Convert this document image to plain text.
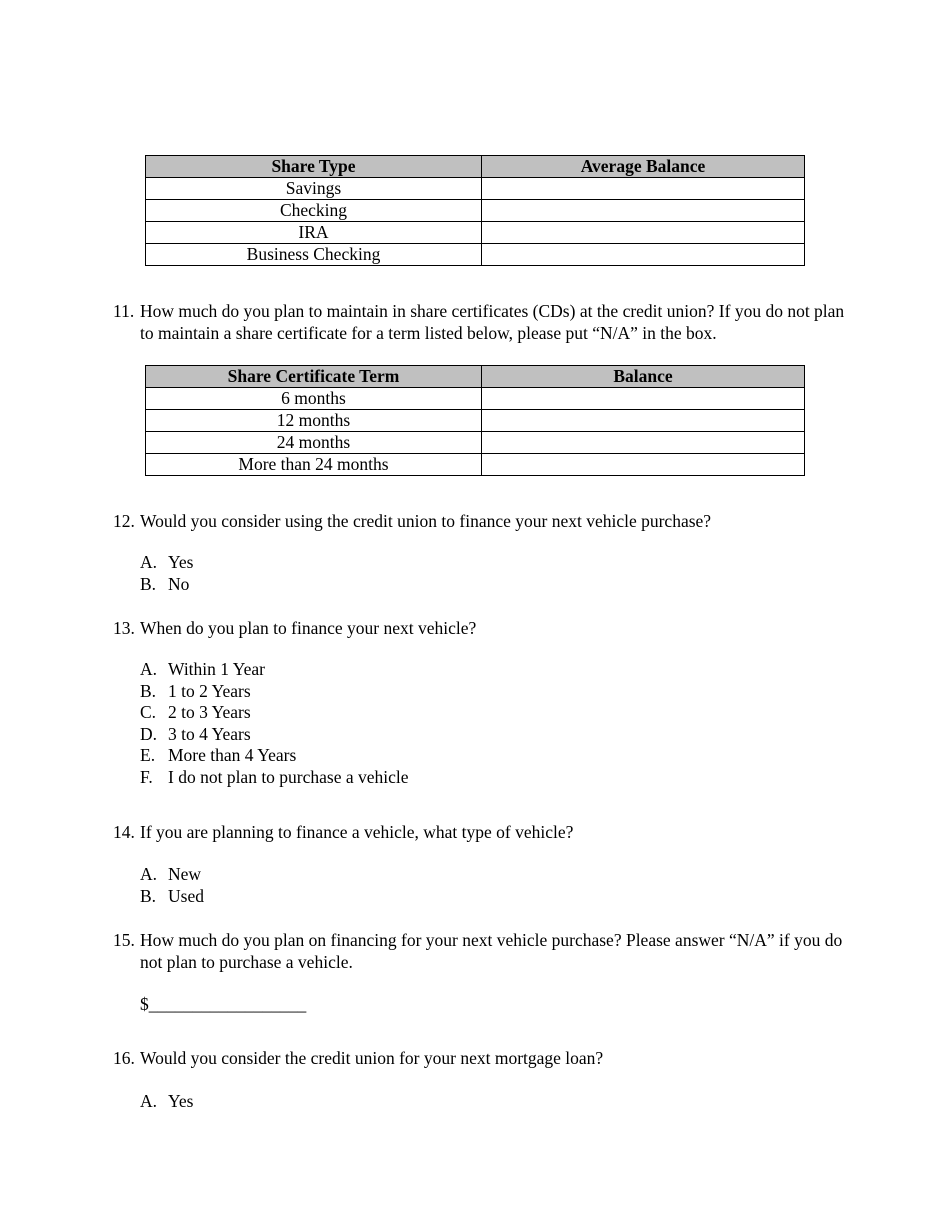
Share Type	Average Balance
Savings	
Checking	
IRA	
Business Checking	
11. How much do you plan to maintain in share certificates (CDs) at the credit union? If you do not plan to maintain a share certificate for a term listed below, please put “N/A” in the box.
Share Certificate Term	Balance
6 months	
12 months	
24 months	
More than 24 months	
12. Would you consider using the credit union to finance your next vehicle purchase?
A. Yes
B. No
13. When do you plan to finance your next vehicle?
A. Within 1 Year
B. 1 to 2 Years
C. 2 to 3 Years
D. 3 to 4 Years
E. More than 4 Years
F. I do not plan to purchase a vehicle
14. If you are planning to finance a vehicle, what type of vehicle?
A. New
B. Used
15. How much do you plan on financing for your next vehicle purchase? Please answer “N/A” if you do not plan to purchase a vehicle.
$__________________
16. Would you consider the credit union for your next mortgage loan?
A. Yes
